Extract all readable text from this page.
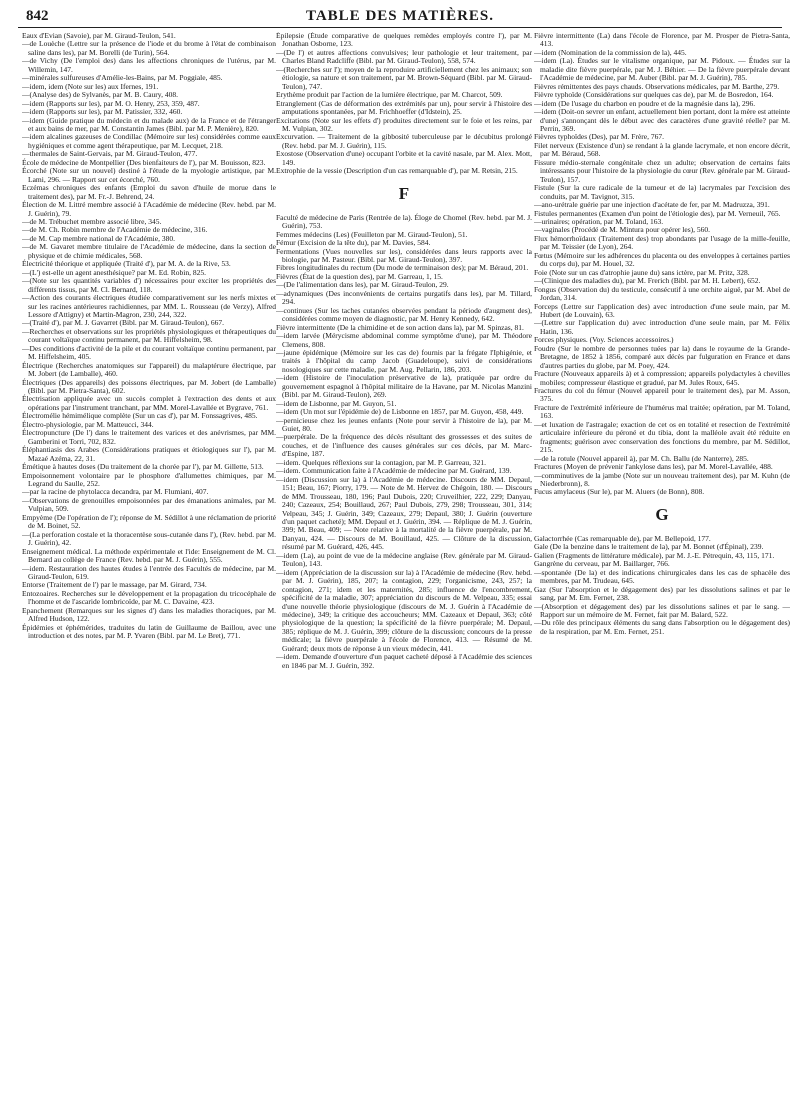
842	TABLE DES MATIÈRES.

Eaux d'Evian (Savoie), par M. Giraud-Teulon, 541.

—de Louèche (Lettre sur la présence de l'iode et du brome à l'état de combinaison saline dans les), par M. Borelli (de Turin), 564.

—de Vichy (De l'emploi des) dans les affections chroniques de l'utérus, par M. Willemin, 147.

—minérales sulfureuses d'Amélie-les-Bains, par M. Poggiale, 485.

—idem, idem (Note sur les) aux Ifernes, 191.

—(Analyse des) de Sylvanès, par M. B. Caury, 408.

—idem (Rapports sur les), par M. O. Henry, 253, 359, 487.

—idem (Rapports sur les), par M. Patissier, 332, 460.

—idem (Guide pratique du médecin et du malade aux) de la France et de l'étranger et aux bains de mer, par M. Constantin James (Bibl. par M. P. Menière), 820.

—idem alcalines gazeuses de Condillac (Mémoire sur les) considérées comme eaux hygiéniques et comme agent thérapeutique, par M. Lecquet, 218.

—thermales de Saint-Gervais, par M. Giraud-Teulon, 477.

École de médecine de Montpellier (Des bienfaiteurs de l'), par M. Bouisson, 823.

Écorché (Note sur un nouvel) destiné à l'étude de la myologie artistique, par M. Lami, 296. — Rapport sur cet écorché, 760.

Eczémas chroniques des enfants (Emploi du savon d'huile de morue dans le traitement des), par M. Fr.-J. Behrend, 24.

Élection de M. Littré membre associé à l'Académie de médecine (Rev. hebd. par M. J. Guérin), 79.

—de M. Trébuchet membre associé libre, 345.

—de M. Ch. Robin membre de l'Académie de médecine, 316.

—de M. Cap membre national de l'Académie, 380.

—de M. Gavaret membre titulaire de l'Académie de médecine, dans la section de physique et de chimie médicales, 568.

Électricité théorique et appliquée (Traité d'), par M. A. de la Rive, 53.

—(L') est-elle un agent anesthésique? par M. Ed. Robin, 825.

—(Note sur les quantités variables d') nécessaires pour exciter les propriétés des différents tissus, par M. Cl. Bernard, 118.

—Action des courants électriques étudiée comparativement sur les nerfs mixtes et sur les racines antérieures rachidiennes, par MM. L. Rousseau (de Verzy), Alfred Lessore d'Attigny) et Martin-Magron, 230, 244, 322.

—(Traité d'), par M. J. Gavarret (Bibl. par M. Giraud-Teulon), 667.

—Recherches et observations sur les propriétés physiologiques et thérapeutiques du courant voltaïque continu permanent, par M. Hiffelsheim, 98.

—Des conditions d'activité de la pile et du courant voltaïque continu permanent, par M. Hiffelsheim, 405.

Électrique (Recherches anatomiques sur l'appareil) du malaptérure électrique, par M. Jobert (de Lamballe), 460.

Électriques (Des appareils) des poissons électriques, par M. Jobert (de Lamballe) (Bibl. par M. Pietra-Santa), 602.

Électrisation appliquée avec un succès complet à l'extraction des dents et aux opérations par l'instrument tranchant, par MM. Morel-Lavallée et Bygrave, 761.

Électromélie hémimélique complète (Sur un cas d'), par M. Fonssagrives, 485.

Électro-physiologie, par M. Matteucci, 344.

Électropuncture (De l') dans le traitement des varices et des anévrismes, par MM. Gamberini et Torri, 702, 832.

Éléphantiasis des Arabes (Considérations pratiques et étiologiques sur l'), par M. Mazaé Azéma, 22, 31.

Émétique à hautes doses (Du traitement de la chorée par l'), par M. Gillette, 513.

Empoisonnement volontaire par le phosphore d'allumettes chimiques, par M. Legrand du Saulle, 252.

—par la racine de phytolacca decandra, par M. Flumiani, 407.

—Observations de grenouilles empoisonnées par des émanations animales, par M. Vulpian, 509.

Empyème (De l'opération de l'); réponse de M. Sédillot à une réclamation de priorité de M. Boinet, 52.

—(La perforation costale et la thoracentèse sous-cutanée dans l'), (Rev. hebd. par M. J. Guérin), 42.

Enseignement médical. La méthode expérimentale et l'ide: Enseignement de M. Cl. Bernard au collège de France (Rev. hebd. par M. J. Guérin), 555.

—idem. Restauration des hautes études à l'entrée des Facultés de médecine, par M. Giraud-Teulon, 619.

Entorse (Traitement de l') par le massage, par M. Girard, 734.

Entozoaires. Recherches sur le développement et la propagation du tricocéphale de l'homme et de l'ascaride lombricoïde, par M. C. Davaine, 423.

Epanchement (Remarques sur les signes d') dans les maladies thoraciques, par M. Alfred Hudson, 122.

Épidémies et éphémérides, traduites du latin de Guillaume de Baillou, avec une introduction et des notes, par M. P. Yvaren (Bibl. par M. Le Bret), 771.

Épilepsie (Étude comparative de quelques remèdes employés contre l'), par M. Jonathan Osborne, 123.

—(De l') et autres affections convulsives; leur pathologie et leur traitement, par Charles Bland Radcliffe (Bibl. par M. Giraud-Teulon), 558, 574.

—(Recherches sur l'); moyen de la reproduire artificiellement chez les animaux; son étiologie, sa nature et son traitement, par M. Brown-Séquard (Bibl. par M. Giraud-Teulon), 747.

Erythème produit par l'action de la lumière électrique, par M. Charcot, 509.

Etranglement (Cas de déformation des extrémités par un), pour servir à l'histoire des amputations spontanées, par M. Frichhoeffer (d'Idstein), 25.

Excitations (Note sur les effets d') produites directement sur le foie et les reins, par M. Vulpian, 302.

Excurvation. — Traitement de la gibbosité tuberculeuse par le décubitus prolongé (Rev. hebd. par M. J. Guérin), 115.

Exostose (Observation d'une) occupant l'orbite et la cavité nasale, par M. Alex. Mott, 149.

Extrophie de la vessie (Description d'un cas remarquable d'), par M. Retsin, 215.

F

Faculté de médecine de Paris (Rentrée de la). Éloge de Chomel (Rev. hebd. par M. J. Guérin), 753.

Femmes médecins (Les) (Feuilleton par M. Giraud-Teulon), 51.

Fémur (Excision de la tête du), par M. Davies, 584.

Fermentations (Vues nouvelles sur les), considérées dans leurs rapports avec la biologie, par M. Pasteur. (Bibl. par M. Giraud-Teulon), 397.

Fibres longitudinales du rectum (Du mode de terminaison des); par M. Béraud, 201.

Fièvres (État de la question des), par M. Garreau, 1, 15.

—(De l'alimentation dans les), par M. Giraud-Teulon, 29.

—adynamiques (Des inconvénients de certains purgatifs dans les), par M. Tillard, 294.

—continues (Sur les taches cutanées observées pendant la période d'augment des), considérées comme moyen de diagnostic, par M. Henry Kennedy, 642.

Fièvre intermittente (De la chimidine et de son action dans la), par M. Spinzas, 81.

—idem larvée (Mérycisme abdominal comme symptôme d'une), par M. Théodore Clemens, 808.

—jaune épidémique (Mémoire sur les cas de) fournis par la frégate l'Iphigénie, et traités à l'hôpital du camp Jacob (Guadeloupe), suivi de considérations nosologiques sur cette maladie, par M. Aug. Pellarin, 186, 203.

—idem (Histoire de l'inoculation préservative de la), pratiquée par ordre du gouvernement espagnol à l'hôpital militaire de la Havane, par M. Nicolas Manzini (Bibl. par M. Giraud-Teulon), 269.

—idem de Lisbonne, par M. Guyon, 51.

—idem (Un mot sur l'épidémie de) de Lisbonne en 1857, par M. Guyon, 458, 449.

—pernicieuse chez les jeunes enfants (Note pour servir à l'histoire de la), par M. Guiet, 80.

—puerpérale. De la fréquence des décès résultant des grossesses et des suites de couches, et de l'influence des causes générales sur ces décès, par M. Marc-d'Espine, 187.

—idem. Quelques réflexions sur la contagion, par M. P. Garreau, 321.

—idem. Communication faite à l'Académie de médecine par M. Guérard, 139.

—idem (Discussion sur la) à l'Académie de médecine. Discours de MM. Depaul, 151; Beau, 167; Piorry, 179. — Note de M. Hervez de Chégoin, 180. — Discours de MM. Trousseau, 180, 196; Paul Dubois, 220; Cruveilhier, 222, 229; Danyau, 240; Cazeaux, 254; Bouillaud, 267; Paul Dubois, 279, 298; Trousseau, 301, 314; Velpeau, 345; J. Guérin, 349; Cazeaux, 279; Depaul, 380; J. Guérin (ouverture d'un paquet cacheté); MM. Depaul et J. Guérin, 394. — Réplique de M. J. Guérin, 399; M. Beau, 409; — Note relative à la mortalité de la fièvre puerpérale, par M. Danyau, 424. — Discours de M. Bouillaud, 425. — Clôture de la discussion, résumé par M. Guérard, 426, 445.

—idem (La), au point de vue de la médecine anglaise (Rev. générale par M. Giraud-Teulon), 143.

—idem (Appréciation de la discussion sur la) à l'Académie de médecine (Rev. hebd. par M. J. Guérin), 185, 207; la contagion, 229; l'organicisme, 243, 257; la contagion, 271; idem et les maternités, 285; influence de l'encombrement, spécificité de la maladie, 307; appréciation du discours de M. Velpeau, 335; essai d'une nouvelle théorie physiologique (discours de M. J. Guérin à l'Académie de médecine), 349; la critique des accoucheurs; MM. Cazeaux et Depaul, 363; côté physiologique de la question; la spécificité de la fièvre puerpérale; M. Depaul, 385; réplique de M. J. Guérin, 399; clôture de la discussion; concours de la presse médicale; la fièvre puerpérale à l'école de Florence, 413. — Résumé de M. Guérard; deux mots de réponse à un vieux médecin, 441.

—idem. Demande d'ouverture d'un paquet cacheté déposé à l'Académie des sciences en 1846 par M. J. Guérin, 392.

Fièvre intermittente (La) dans l'école de Florence, par M. Prosper de Pietra-Santa, 413.

—idem (Nomination de la commission de la), 445.

—idem (La). Études sur le vitalisme organique, par M. Pidoux. — Études sur la maladie dite fièvre puerpérale, par M. J. Béhier. — De la fièvre puerpérale devant l'Académie de médecine, par M. Auber (Bibl. par M. J. Guérin), 785.

Fièvres rémittentes des pays chauds. Observations médicales, par M. Barthe, 279.

Fièvre typhoïde (Considérations sur quelques cas de), par M. de Bosredon, 164.

—idem (De l'usage du charbon en poudre et de la magnésie dans la), 296.

—idem (Doit-on sevrer un enfant, actuellement bien portant, dont la mère est atteinte d'une) s'annonçant dès le début avec des caractères d'une gravité réelle? par M. Perrin, 369.

Fièvres typhoïdes (Des), par M. Frère, 767.

Filet nerveux (Existence d'un) se rendant à la glande lacrymale, et non encore décrit, par M. Béraud, 568.

Fissure médio-sternale congénitale chez un adulte; observation de certains faits intéressants pour l'histoire de la physiologie du cœur (Rev. générale par M. Giraud-Teulon), 157.

Fistule (Sur la cure radicale de la tumeur et de la) lacrymales par l'excision des conduits, par M. Tavignot, 315.

—ano-urétrale guérie par une injection d'acétate de fer, par M. Madruzza, 391.

Fistules permanentes (Examen d'un point de l'étiologie des), par M. Verneuil, 765.

—urinaires; opération, par M. Toland, 163.

—vaginales (Procédé de M. Mintura pour opérer les), 560.

Flux hémorrhoïdaux (Traitement des) trop abondants par l'usage de la mille-feuille, par M. Teissier (de Lyon), 264.

Fœtus (Mémoire sur les adhérences du placenta ou des enveloppes à certaines parties du corps du), par M. Houel, 32.

Foie (Note sur un cas d'atrophie jaune du) sans ictère, par M. Pritz, 328.

—(Clinique des maladies du), par M. Frerich (Bibl. par M. H. Lebert), 652.

Fongus (Observation du) du testicule, consécutif à une orchite aiguë, par M. Abel de Jordan, 314.

Forceps (Lettre sur l'application des) avec introduction d'une seule main, par M. Hubert (de Louvain), 63.

—(Lettre sur l'application du) avec introduction d'une seule main, par M. Félix Hatin, 136.

Forces physiques. (Voy. Sciences accessoires.)

Foudre (Sur le nombre de personnes tuées par la) dans le royaume de la Grande-Bretagne, de 1852 à 1856, comparé aux décès par fulguration en France et dans d'autres parties du globe, par M. Poey, 424.

Fracture (Nouveaux appareils à) et à compression; appareils polydactyles à chevilles mobiles; compresseur élastique et gradué, par M. Jules Roux, 645.

Fractures du col du fémur (Nouvel appareil pour le traitement des), par M. Asson, 375.

Fracture de l'extrémité inférieure de l'humérus mal traitée; opération, par M. Toland, 163.

—et luxation de l'astragale; exaction de cet os en totalité et resection de l'extrémité articulaire inférieure du péroné et du tibia, dont la malléole avait été réduite en fragments; guérison avec conservation des fonctions du membre, par M. Sédillot, 215.

—de la rotule (Nouvel appareil à), par M. Ch. Ballu (de Nanterre), 285.

Fractures (Moyen de prévenir l'ankylose dans les), par M. Morel-Lavallée, 488.

—comminutives de la jambe (Note sur un nouveau traitement des), par M. Kuhn (de Niederbronn), 8.

Fucus amylaceus (Sur le), par M. Aluers (de Bonn), 808.

G

Galactorrhée (Cas remarquable de), par M. Bellepoid, 177.

Gale (De la benzine dans le traitement de la), par M. Bonnet (d'Épinal), 239.

Galien (Fragments de littérature médicale), par M. J.-E. Pétrequin, 43, 115, 171.

Gangrène du cerveau, par M. Baillarger, 766.

—spontanée (De la) et des indications chirurgicales dans les cas de sphacèle des membres, par M. Trudeau, 645.

Gaz (Sur l'absorption et le dégagement des) par les dissolutions salines et par le sang, par M. Em. Fernet, 238.

—(Absorption et dégagement des) par les dissolutions salines et par le sang. — Rapport sur un mémoire de M. Fernet, fait par M. Balard, 522.

—Du rôle des principaux éléments du sang dans l'absorption ou le dégagement des) de la respiration, par M. Em. Fernet, 251.
